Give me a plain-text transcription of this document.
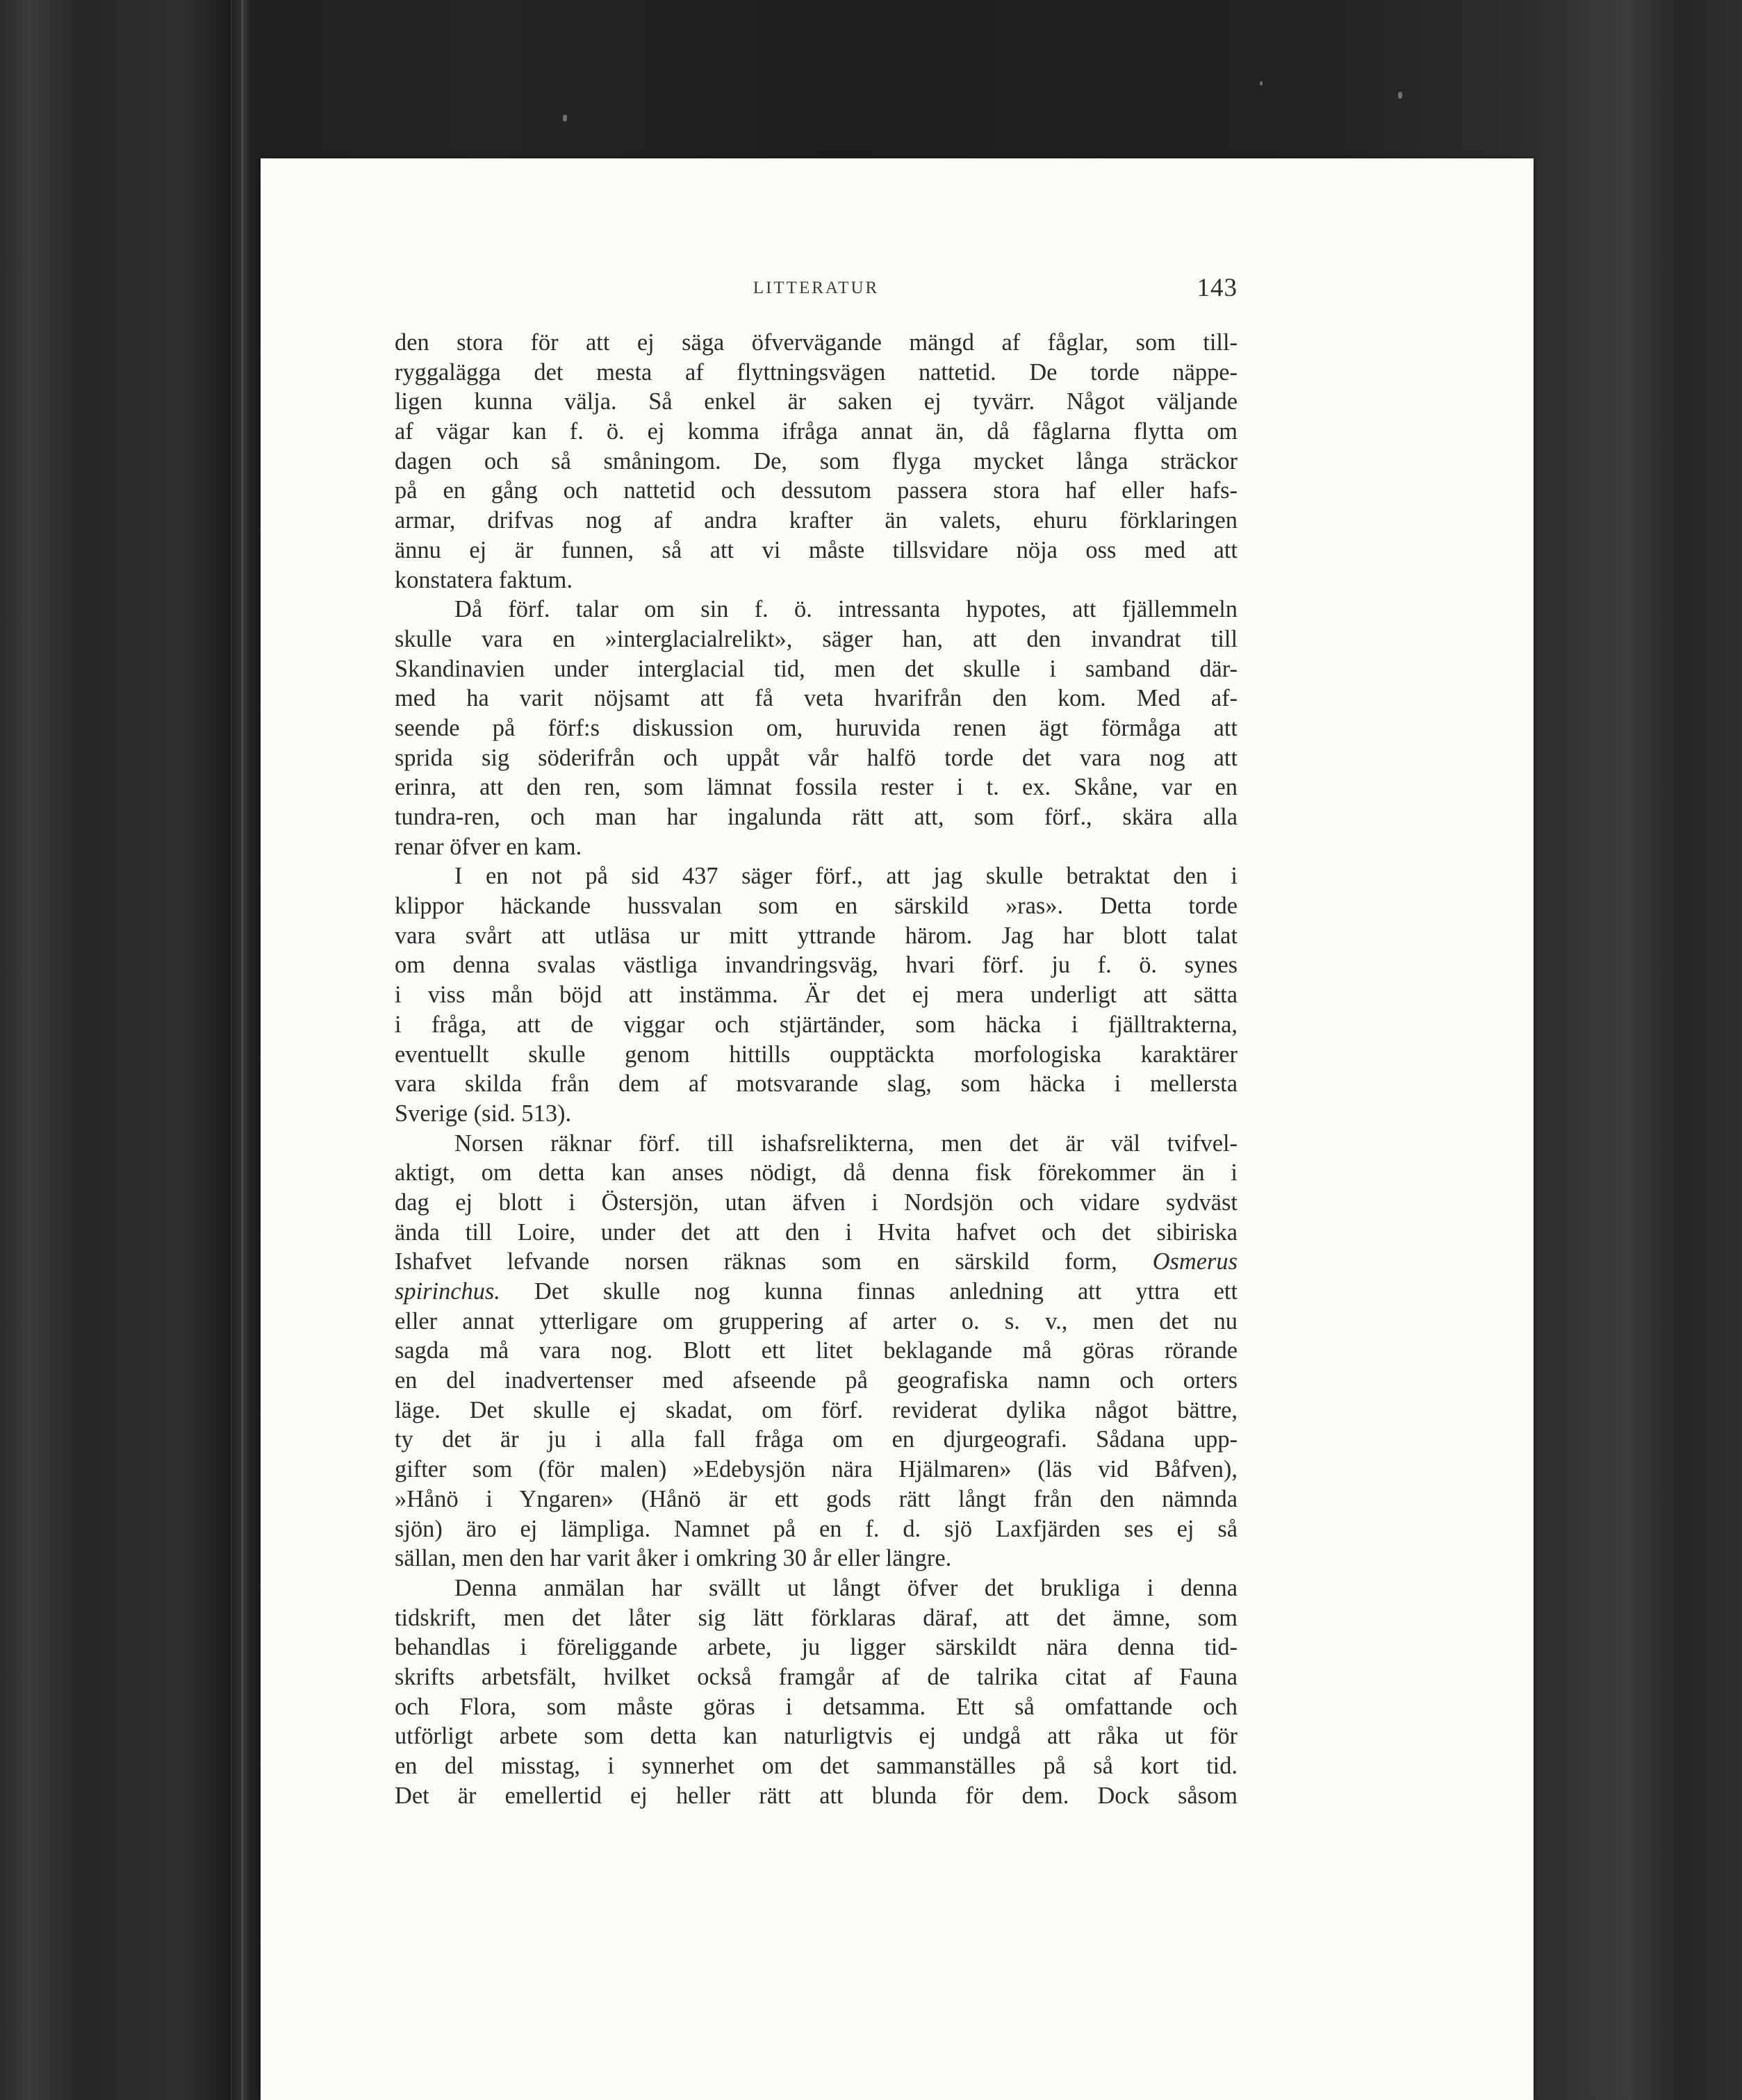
LITTERATUR	143
den stora för att ej säga öfvervägande mängd af fåglar, som till-
ryggalägga det mesta af flyttningsvägen nattetid. De torde näppe-
ligen kunna välja. Så enkel är saken ej tyvärr. Något väljande
af vägar kan f. ö. ej komma ifråga annat än, då fåglarna flytta om
dagen och så småningom. De, som flyga mycket långa sträckor
på en gång och nattetid och dessutom passera stora haf eller hafs-
armar, drifvas nog af andra krafter än valets, ehuru förklaringen
ännu ej är funnen, så att vi måste tillsvidare nöja oss med att
konstatera faktum.
Då förf. talar om sin f. ö. intressanta hypotes, att fjällemmeln
skulle vara en »interglacialrelikt», säger han, att den invandrat till
Skandinavien under interglacial tid, men det skulle i samband där-
med ha varit nöjsamt att få veta hvarifrån den kom. Med af-
seende på förf:s diskussion om, huruvida renen ägt förmåga att
sprida sig söderifrån och uppåt vår halfö torde det vara nog att
erinra, att den ren, som lämnat fossila rester i t. ex. Skåne, var en
tundra-ren, och man har ingalunda rätt att, som förf., skära alla
renar öfver en kam.
I en not på sid 437 säger förf., att jag skulle betraktat den i
klippor häckande hussvalan som en särskild »ras». Detta torde
vara svårt att utläsa ur mitt yttrande härom. Jag har blott talat
om denna svalas västliga invandringsväg, hvari förf. ju f. ö. synes
i viss mån böjd att instämma. Är det ej mera underligt att sätta
i fråga, att de viggar och stjärtänder, som häcka i fjälltrakterna,
eventuellt skulle genom hittills oupptäckta morfologiska karaktärer
vara skilda från dem af motsvarande slag, som häcka i mellersta
Sverige (sid. 513).
Norsen räknar förf. till ishafsrelikterna, men det är väl tvifvel-
aktigt, om detta kan anses nödigt, då denna fisk förekommer än i
dag ej blott i Östersjön, utan äfven i Nordsjön och vidare sydväst
ända till Loire, under det att den i Hvita hafvet och det sibiriska
Ishafvet lefvande norsen räknas som en särskild form, Osmerus
spirinchus. Det skulle nog kunna finnas anledning att yttra ett
eller annat ytterligare om gruppering af arter o. s. v., men det nu
sagda må vara nog. Blott ett litet beklagande må göras rörande
en del inadvertenser med afseende på geografiska namn och orters
läge. Det skulle ej skadat, om förf. reviderat dylika något bättre,
ty det är ju i alla fall fråga om en djurgeografi. Sådana upp-
gifter som (för malen) »Edebysjön nära Hjälmaren» (läs vid Båfven),
»Hånö i Yngaren» (Hånö är ett gods rätt långt från den nämnda
sjön) äro ej lämpliga. Namnet på en f. d. sjö Laxfjärden ses ej så
sällan, men den har varit åker i omkring 30 år eller längre.
Denna anmälan har svällt ut långt öfver det brukliga i denna
tidskrift, men det låter sig lätt förklaras däraf, att det ämne, som
behandlas i föreliggande arbete, ju ligger särskildt nära denna tid-
skrifts arbetsfält, hvilket också framgår af de talrika citat af Fauna
och Flora, som måste göras i detsamma. Ett så omfattande och
utförligt arbete som detta kan naturligtvis ej undgå att råka ut för
en del misstag, i synnerhet om det sammanställes på så kort tid.
Det är emellertid ej heller rätt att blunda för dem. Dock såsom
